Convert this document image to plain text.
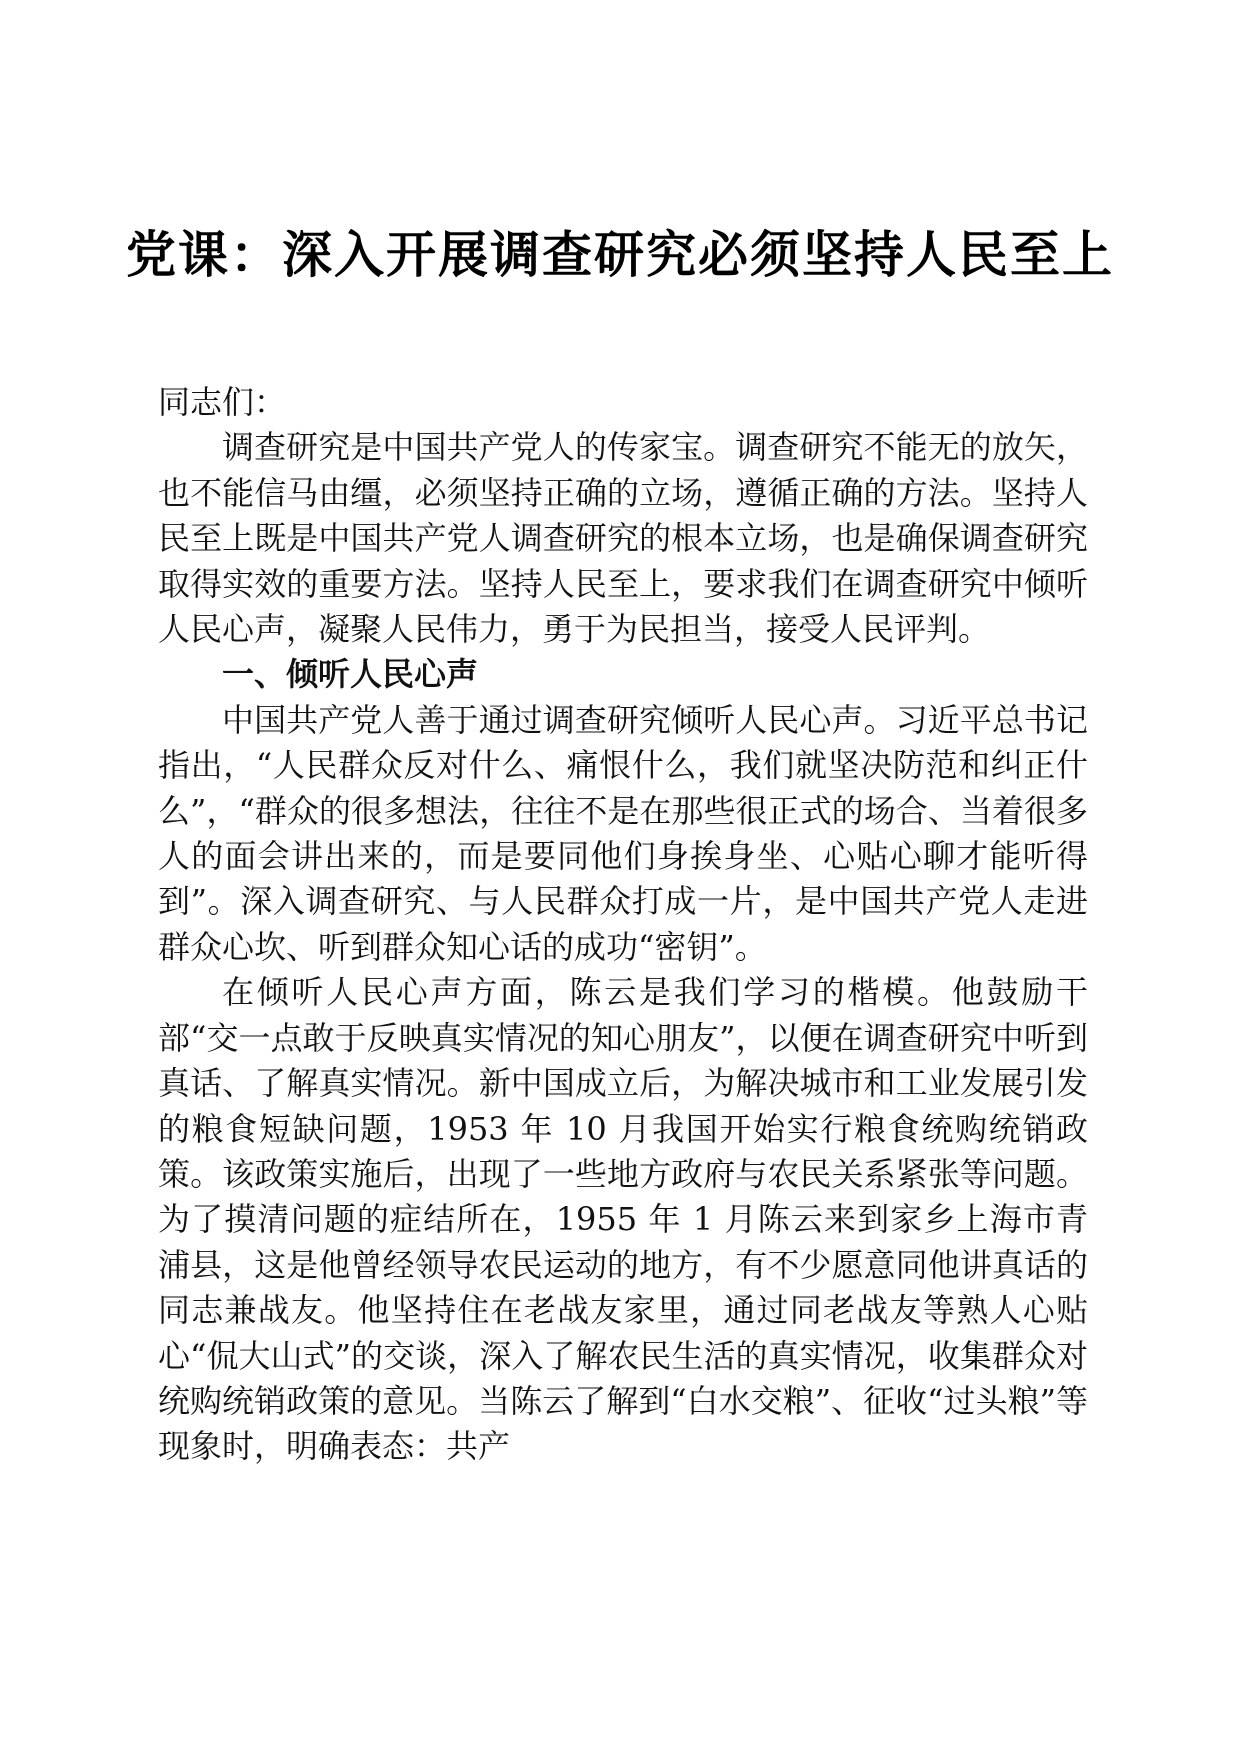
党课：深入开展调查研究必须坚持人民至上

同志们：

调查研究是中国共产党人的传家宝。调查研究不能无的放矢，也不能信马由缰，必须坚持正确的立场，遵循正确的方法。坚持人民至上既是中国共产党人调查研究的根本立场，也是确保调查研究取得实效的重要方法。坚持人民至上，要求我们在调查研究中倾听人民心声，凝聚人民伟力，勇于为民担当，接受人民评判。

一、倾听人民心声

中国共产党人善于通过调查研究倾听人民心声。习近平总书记指出，“人民群众反对什么、痛恨什么，我们就坚决防范和纠正什么”，“群众的很多想法，往往不是在那些很正式的场合、当着很多人的面会讲出来的，而是要同他们身挨身坐、心贴心聊才能听得到”。深入调查研究、与人民群众打成一片，是中国共产党人走进群众心坎、听到群众知心话的成功“密钥”。

在倾听人民心声方面，陈云是我们学习的楷模。他鼓励干部“交一点敢于反映真实情况的知心朋友”，以便在调查研究中听到真话、了解真实情况。新中国成立后，为解决城市和工业发展引发的粮食短缺问题，1953 年 10 月我国开始实行粮食统购统销政策。该政策实施后，出现了一些地方政府与农民关系紧张等问题。为了摸清问题的症结所在，1955 年 1 月陈云来到家乡上海市青浦县，这是他曾经领导农民运动的地方，有不少愿意同他讲真话的同志兼战友。他坚持住在老战友家里，通过同老战友等熟人心贴心“侃大山式”的交谈，深入了解农民生活的真实情况，收集群众对统购统销政策的意见。当陈云了解到“白水交粮”、征收“过头粮”等现象时，明确表态：共产
